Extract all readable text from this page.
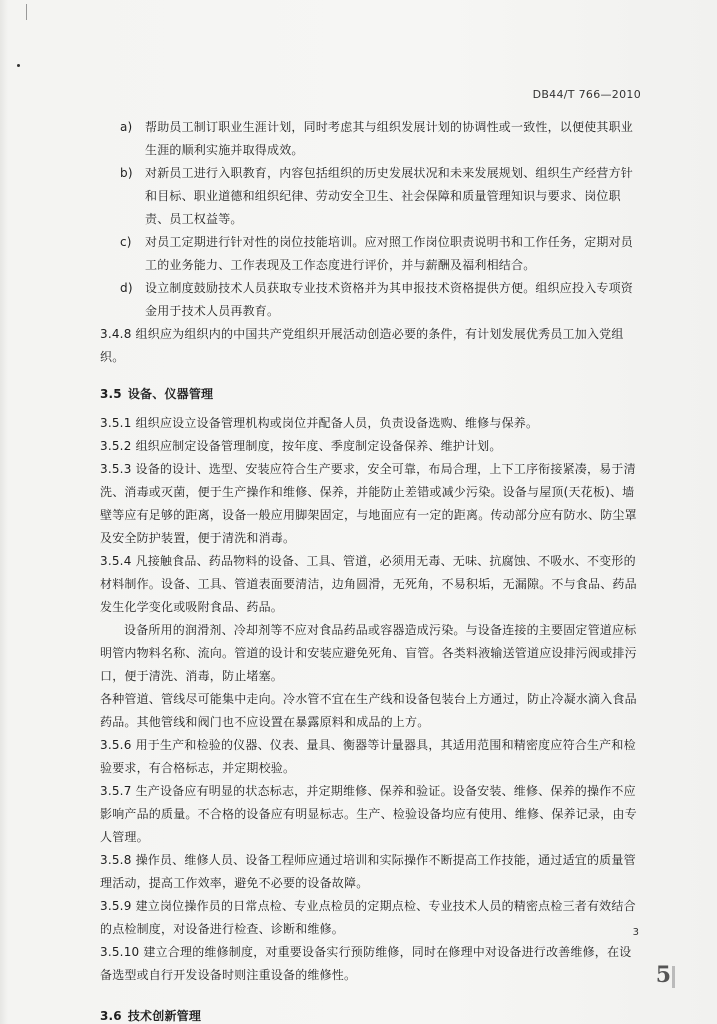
DB44/T 766—2010
a) 帮助员工制订职业生涯计划，同时考虑其与组织发展计划的协调性或一致性，以便使其职业生涯的顺利实施并取得成效。
b) 对新员工进行入职教育，内容包括组织的历史发展状况和未来发展规划、组织生产经营方针和目标、职业道德和组织纪律、劳动安全卫生、社会保障和质量管理知识与要求、岗位职责、员工权益等。
c) 对员工定期进行针对性的岗位技能培训。应对照工作岗位职责说明书和工作任务，定期对员工的业务能力、工作表现及工作态度进行评价，并与薪酬及福利相结合。
d) 设立制度鼓励技术人员获取专业技术资格并为其申报技术资格提供方便。组织应投入专项资金用于技术人员再教育。

3.4.8 组织应为组织内的中国共产党组织开展活动创造必要的条件，有计划发展优秀员工加入党组织。

3.5 设备、仪器管理

3.5.1 组织应设立设备管理机构或岗位并配备人员，负责设备选购、维修与保养。

3.5.2 组织应制定设备管理制度，按年度、季度制定设备保养、维护计划。

3.5.3 设备的设计、选型、安装应符合生产要求，安全可靠，布局合理，上下工序衔接紧凑，易于清洗、消毒或灭菌，便于生产操作和维修、保养，并能防止差错或减少污染。设备与屋顶(天花板)、墙壁等应有足够的距离，设备一般应用脚架固定，与地面应有一定的距离。传动部分应有防水、防尘罩及安全防护装置，便于清洗和消毒。

3.5.4 凡接触食品、药品物料的设备、工具、管道，必须用无毒、无味、抗腐蚀、不吸水、不变形的材料制作。设备、工具、管道表面要清洁，边角圆滑，无死角，不易积垢，无漏隙。不与食品、药品发生化学变化或吸附食品、药品。

设备所用的润滑剂、冷却剂等不应对食品药品或容器造成污染。与设备连接的主要固定管道应标明管内物料名称、流向。管道的设计和安装应避免死角、盲管。各类料液输送管道应设排污阀或排污口，便于清洗、消毒，防止堵塞。

各种管道、管线尽可能集中走向。冷水管不宜在生产线和设备包装台上方通过，防止冷凝水滴入食品药品。其他管线和阀门也不应设置在暴露原料和成品的上方。

3.5.6 用于生产和检验的仪器、仪表、量具、衡器等计量器具，其适用范围和精密度应符合生产和检验要求，有合格标志，并定期校验。

3.5.7 生产设备应有明显的状态标志，并定期维修、保养和验证。设备安装、维修、保养的操作不应影响产品的质量。不合格的设备应有明显标志。生产、检验设备均应有使用、维修、保养记录，由专人管理。

3.5.8 操作员、维修人员、设备工程师应通过培训和实际操作不断提高工作技能，通过适宜的质量管理活动，提高工作效率，避免不必要的设备故障。

3.5.9 建立岗位操作员的日常点检、专业点检员的定期点检、专业技术人员的精密点检三者有效结合的点检制度，对设备进行检查、诊断和维修。

3.5.10 建立合理的维修制度，对重要设备实行预防维修，同时在修理中对设备进行改善维修，在设备选型或自行开发设备时则注重设备的维修性。

3.6 技术创新管理
3
5
